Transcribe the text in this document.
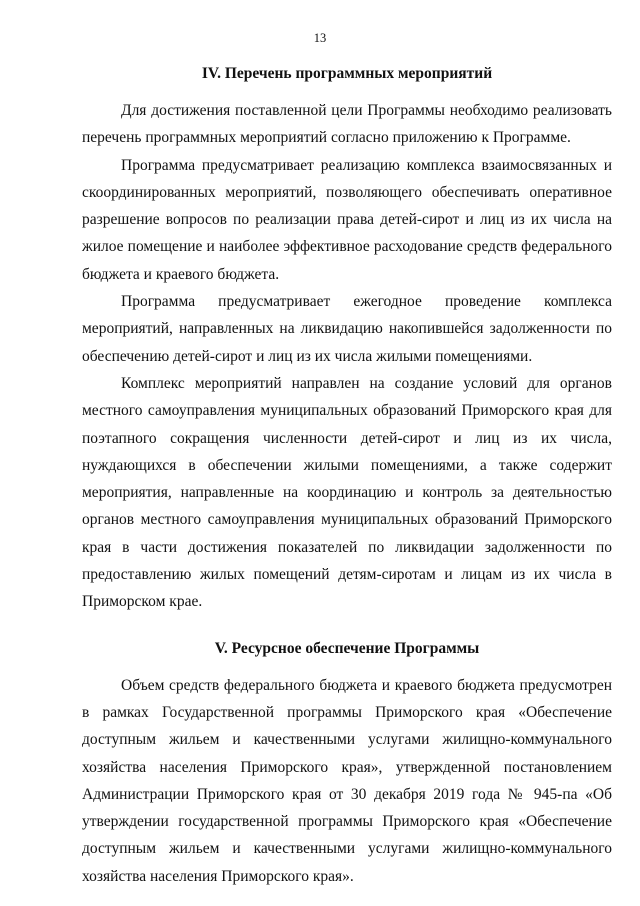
13
IV. Перечень программных мероприятий

Для достижения поставленной цели Программы необходимо реализовать перечень программных мероприятий согласно приложению к Программе.

Программа предусматривает реализацию комплекса взаимосвязанных и скоординированных мероприятий, позволяющего обеспечивать оперативное разрешение вопросов по реализации права детей-сирот и лиц из их числа на жилое помещение и наиболее эффективное расходование средств федерального бюджета и краевого бюджета.

Программа предусматривает ежегодное проведение комплекса мероприятий, направленных на ликвидацию накопившейся задолженности по обеспечению детей-сирот и лиц из их числа жилыми помещениями.

Комплекс мероприятий направлен на создание условий для органов местного самоуправления муниципальных образований Приморского края для поэтапного сокращения численности детей-сирот и лиц из их числа, нуждающихся в обеспечении жилыми помещениями, а также содержит мероприятия, направленные на координацию и контроль за деятельностью органов местного самоуправления муниципальных образований Приморского края в части достижения показателей по ликвидации задолженности по предоставлению жилых помещений детям-сиротам и лицам из их числа в Приморском крае.

V. Ресурсное обеспечение Программы

Объем средств федерального бюджета и краевого бюджета предусмотрен в рамках Государственной программы Приморского края «Обеспечение доступным жильем и качественными услугами жилищно-коммунального хозяйства населения Приморского края», утвержденной постановлением Администрации Приморского края от 30 декабря 2019 года № 945-па «Об утверждении государственной программы Приморского края «Обеспечение доступным жильем и качественными услугами жилищно-коммунального хозяйства населения Приморского края».
